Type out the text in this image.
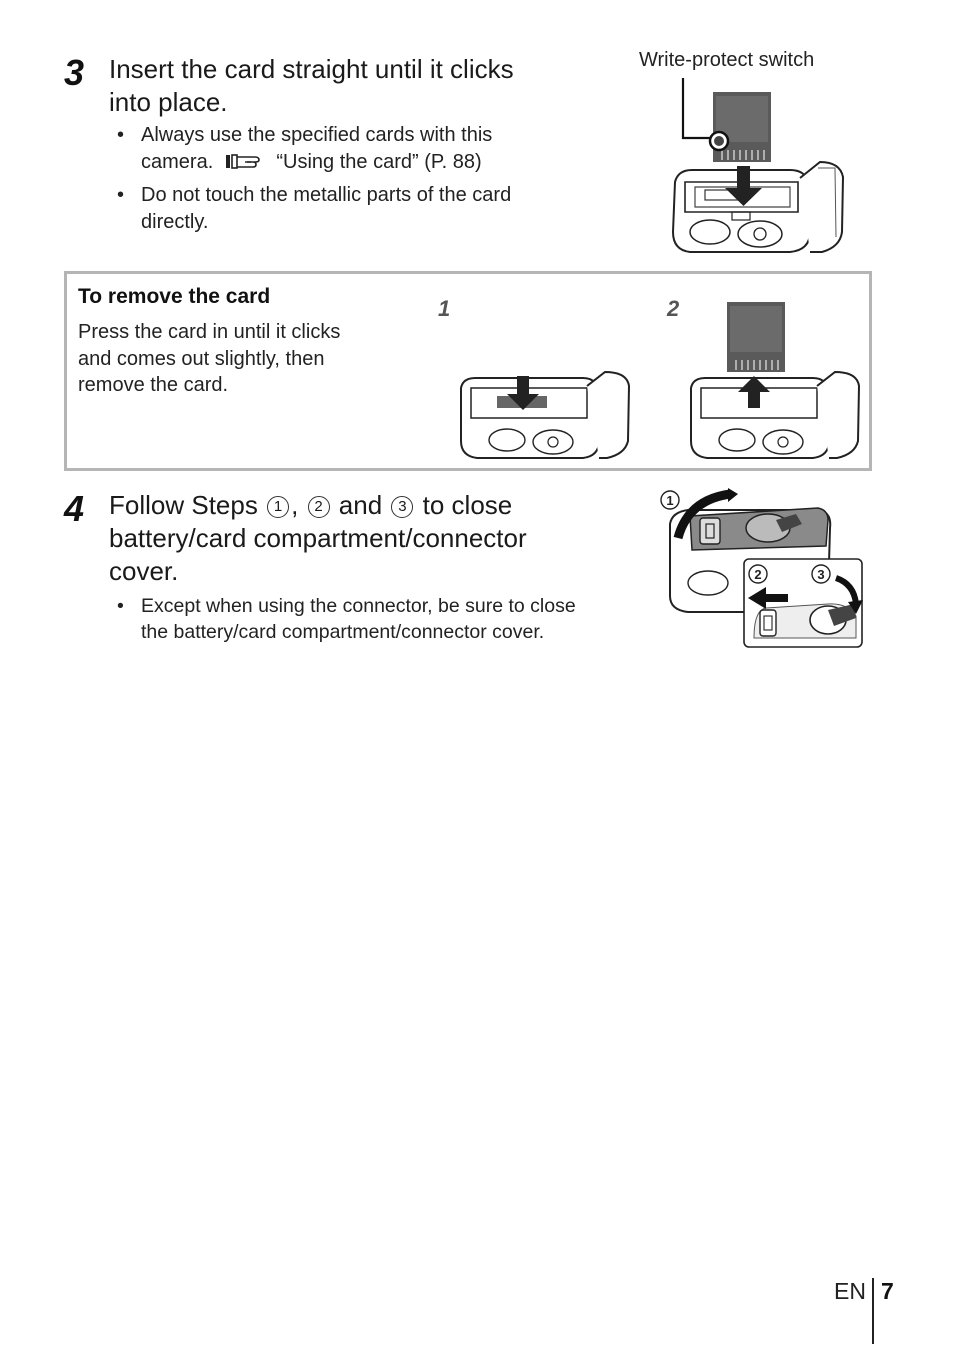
3 Insert the card straight until it clicks
into place.
• Always use the specified cards with this
camera.	“Using the card” (P. 88)
• Do not touch the metallic parts of the card
directly.
Write-protect switch
To remove the card
Press the card in until it clicks
and comes out slightly, then
remove the card.
1	2
4 Follow Steps 1 , 2 and 3 to close
battery/card compartment/connector
cover.
• Except when using the connector, be sure to close
the battery/card compartment/connector cover.
1
2	3
EN 7
